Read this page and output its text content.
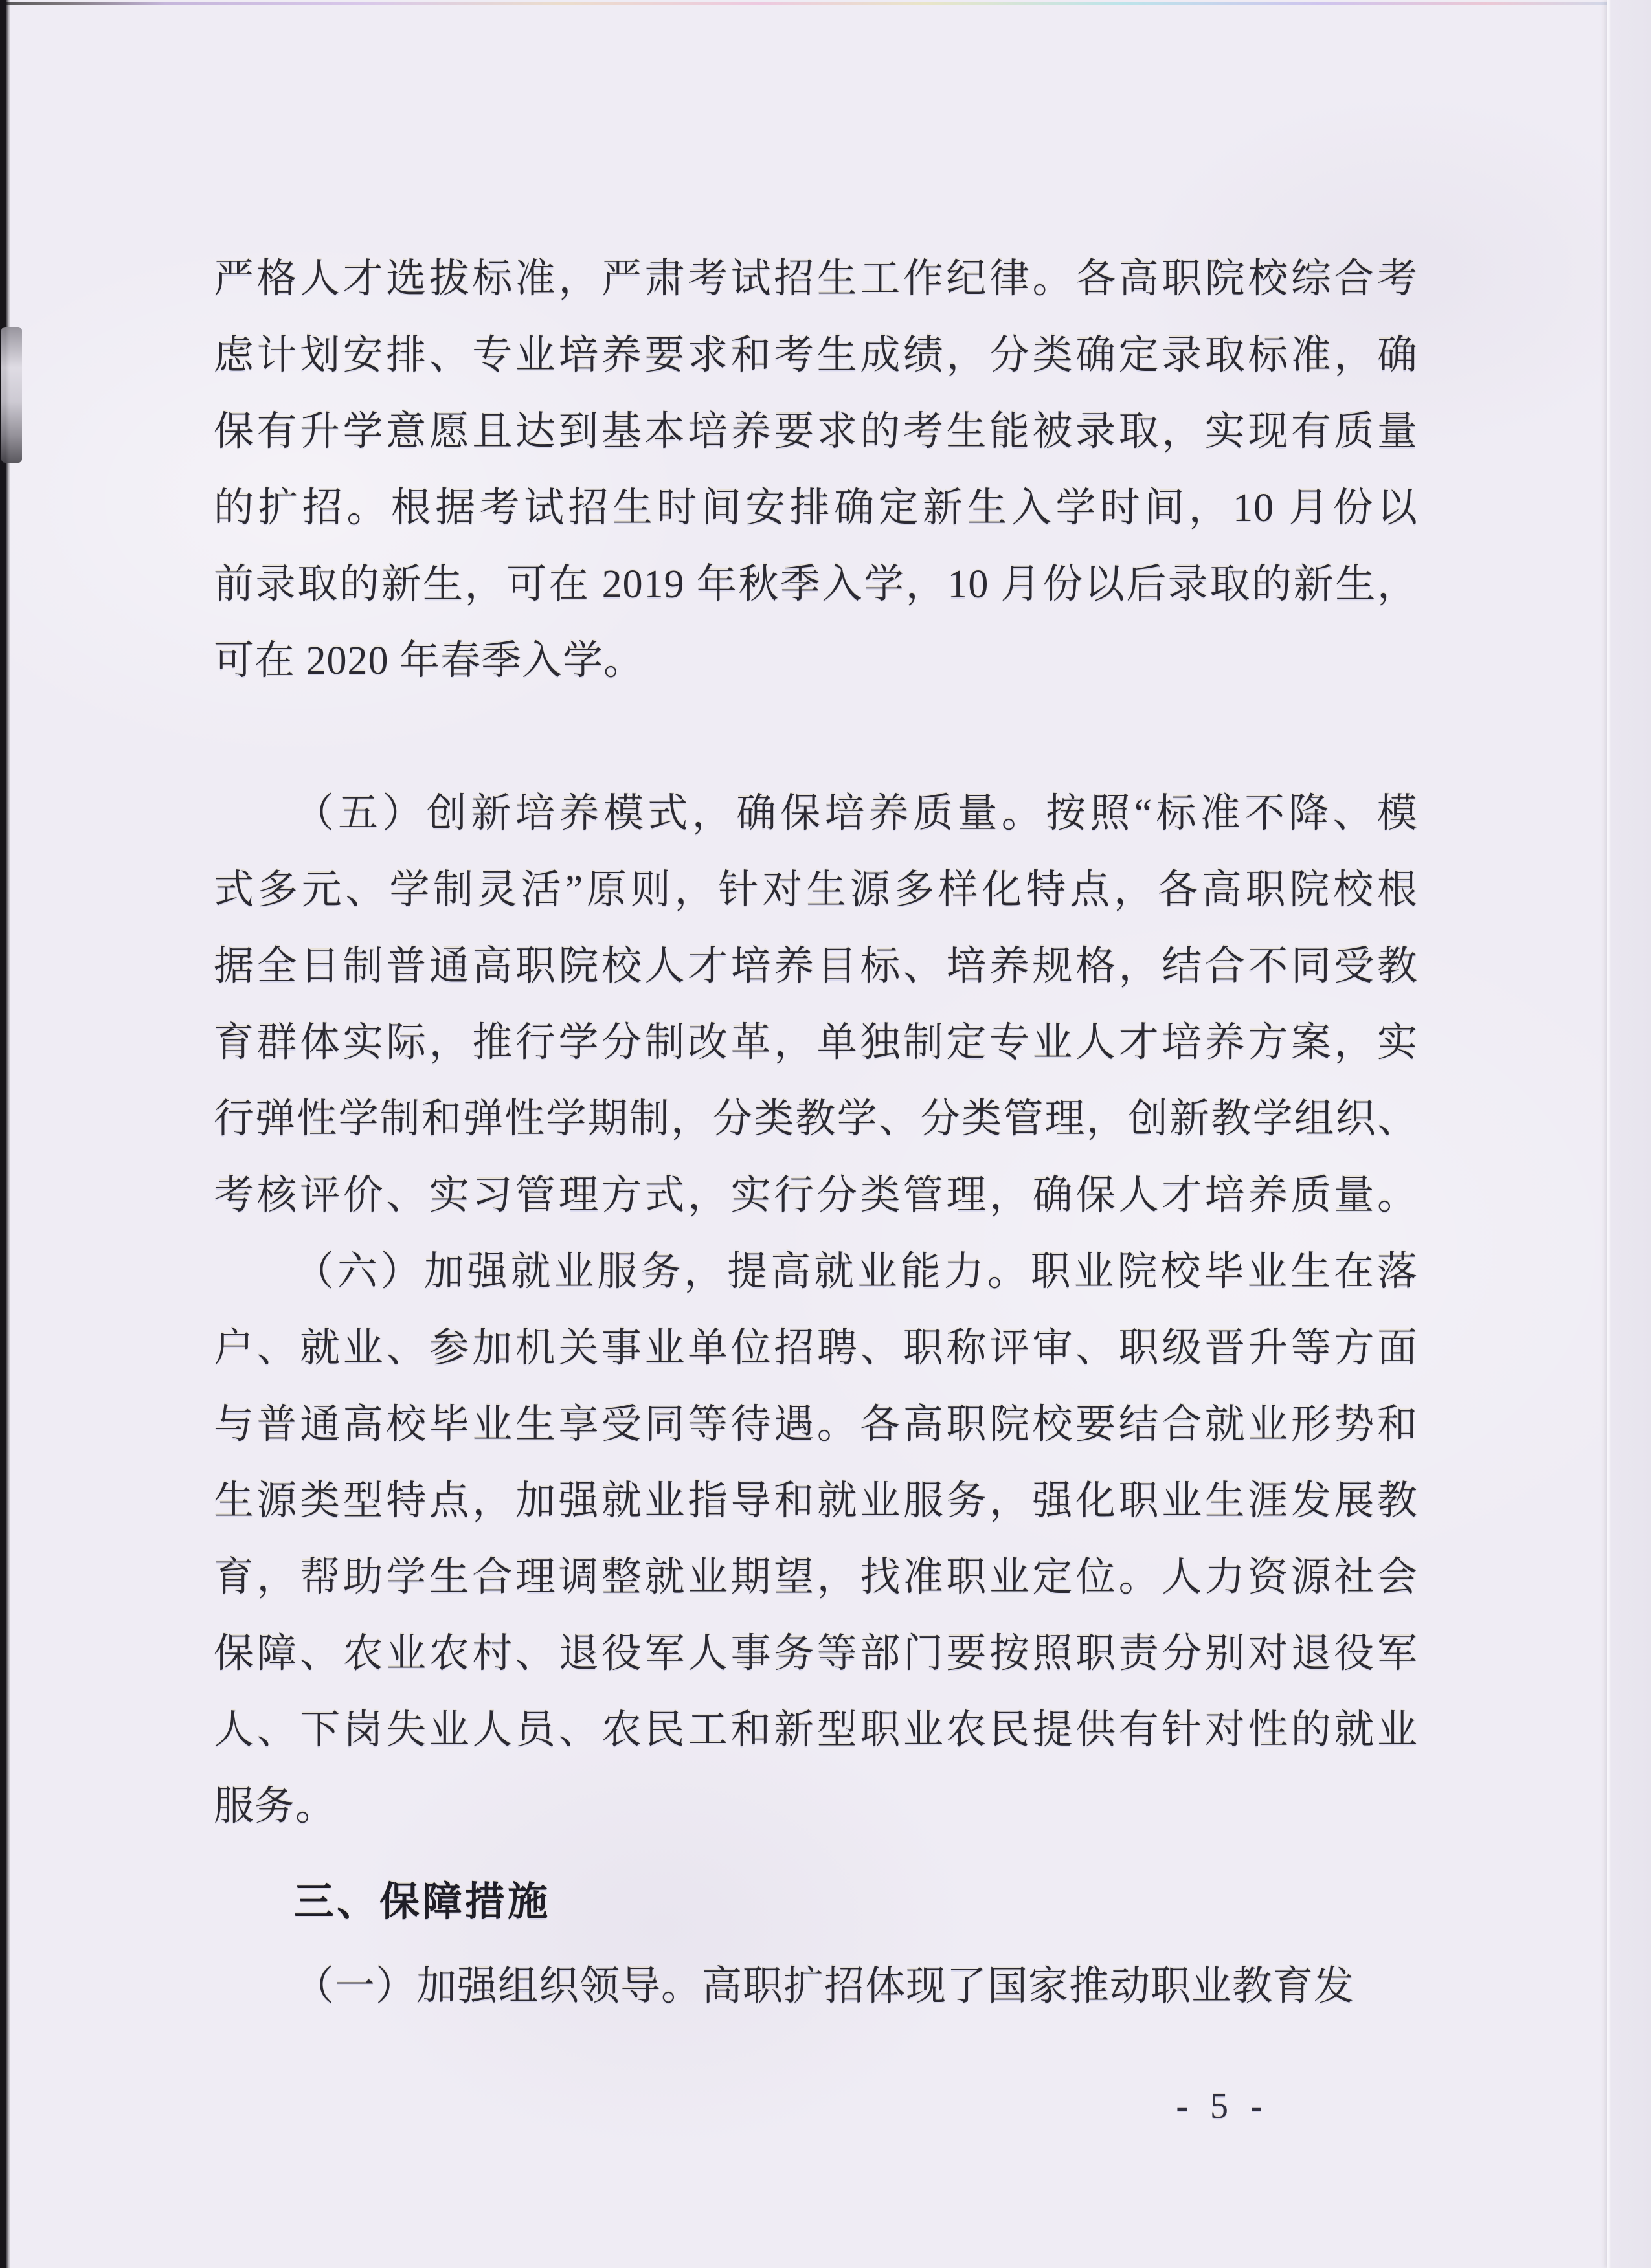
严格人才选拔标准，严肃考试招生工作纪律。各高职院校综合考
虑计划安排、专业培养要求和考生成绩，分类确定录取标准，确
保有升学意愿且达到基本培养要求的考生能被录取，实现有质量
的扩招。根据考试招生时间安排确定新生入学时间，10 月份以
前录取的新生，可在 2019 年秋季入学，10 月份以后录取的新生，
可在 2020 年春季入学。
（五）创新培养模式，确保培养质量。按照“标准不降、模
式多元、学制灵活”原则，针对生源多样化特点，各高职院校根
据全日制普通高职院校人才培养目标、培养规格，结合不同受教
育群体实际，推行学分制改革，单独制定专业人才培养方案，实
行弹性学制和弹性学期制，分类教学、分类管理，创新教学组织、
考核评价、实习管理方式，实行分类管理，确保人才培养质量。
（六）加强就业服务，提高就业能力。职业院校毕业生在落
户、就业、参加机关事业单位招聘、职称评审、职级晋升等方面
与普通高校毕业生享受同等待遇。各高职院校要结合就业形势和
生源类型特点，加强就业指导和就业服务，强化职业生涯发展教
育，帮助学生合理调整就业期望，找准职业定位。人力资源社会
保障、农业农村、退役军人事务等部门要按照职责分别对退役军
人、下岗失业人员、农民工和新型职业农民提供有针对性的就业
服务。
三、保障措施
（一）加强组织领导。高职扩招体现了国家推动职业教育发
- 5 -
